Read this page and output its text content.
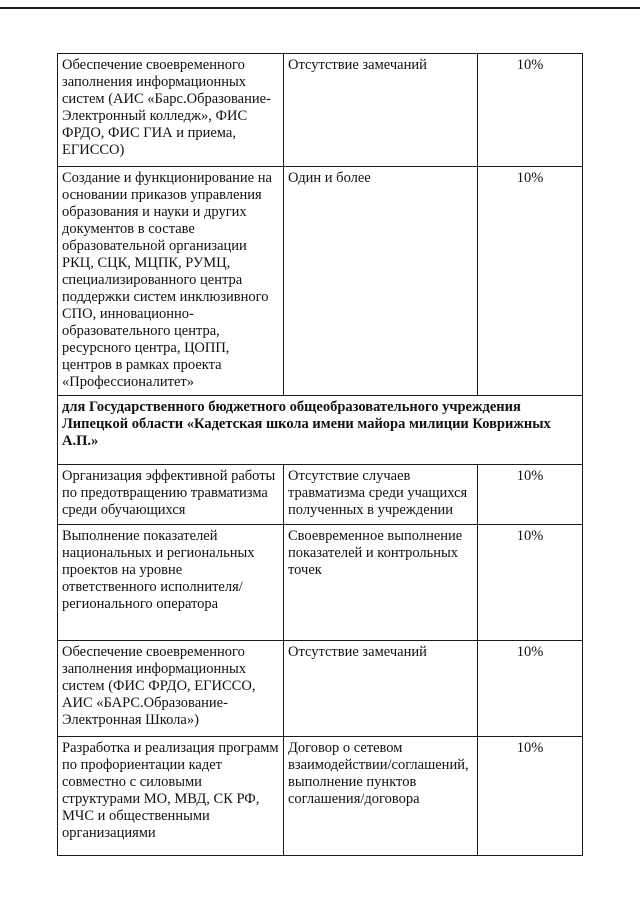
Обеспечение своевременного заполнения информационных систем (АИС «Барс.Образование-Электронный колледж», ФИС ФРДО, ФИС ГИА и приема, ЕГИССО)	Отсутствие замечаний	10%
Создание и функционирование на основании приказов управления образования и науки и других документов в составе образовательной организации РКЦ, СЦК, МЦПК, РУМЦ, специализированного центра поддержки систем инклюзивного СПО, инновационно-образовательного центра, ресурсного центра, ЦОПП, центров в рамках проекта «Профессионалитет»	Один и более	10%
для Государственного бюджетного общеобразовательного учреждения Липецкой области «Кадетская школа имени майора милиции Коврижных А.П.»		
Организация эффективной работы по предотвращению травматизма среди обучающихся	Отсутствие случаев травматизма среди учащихся полученных в учреждении	10%
Выполнение показателей национальных и региональных проектов на уровне ответственного исполнителя/регионального оператора	Своевременное выполнение показателей и контрольных точек	10%
Обеспечение своевременного заполнения информационных систем (ФИС ФРДО, ЕГИССО, АИС «БАРС.Образование-Электронная Школа»)	Отсутствие замечаний	10%
Разработка и реализация программ по профориентации кадет совместно с силовыми структурами МО, МВД, СК РФ, МЧС и общественными организациями	Договор о сетевом взаимодействии/соглашений, выполнение пунктов соглашения/договора	10%
